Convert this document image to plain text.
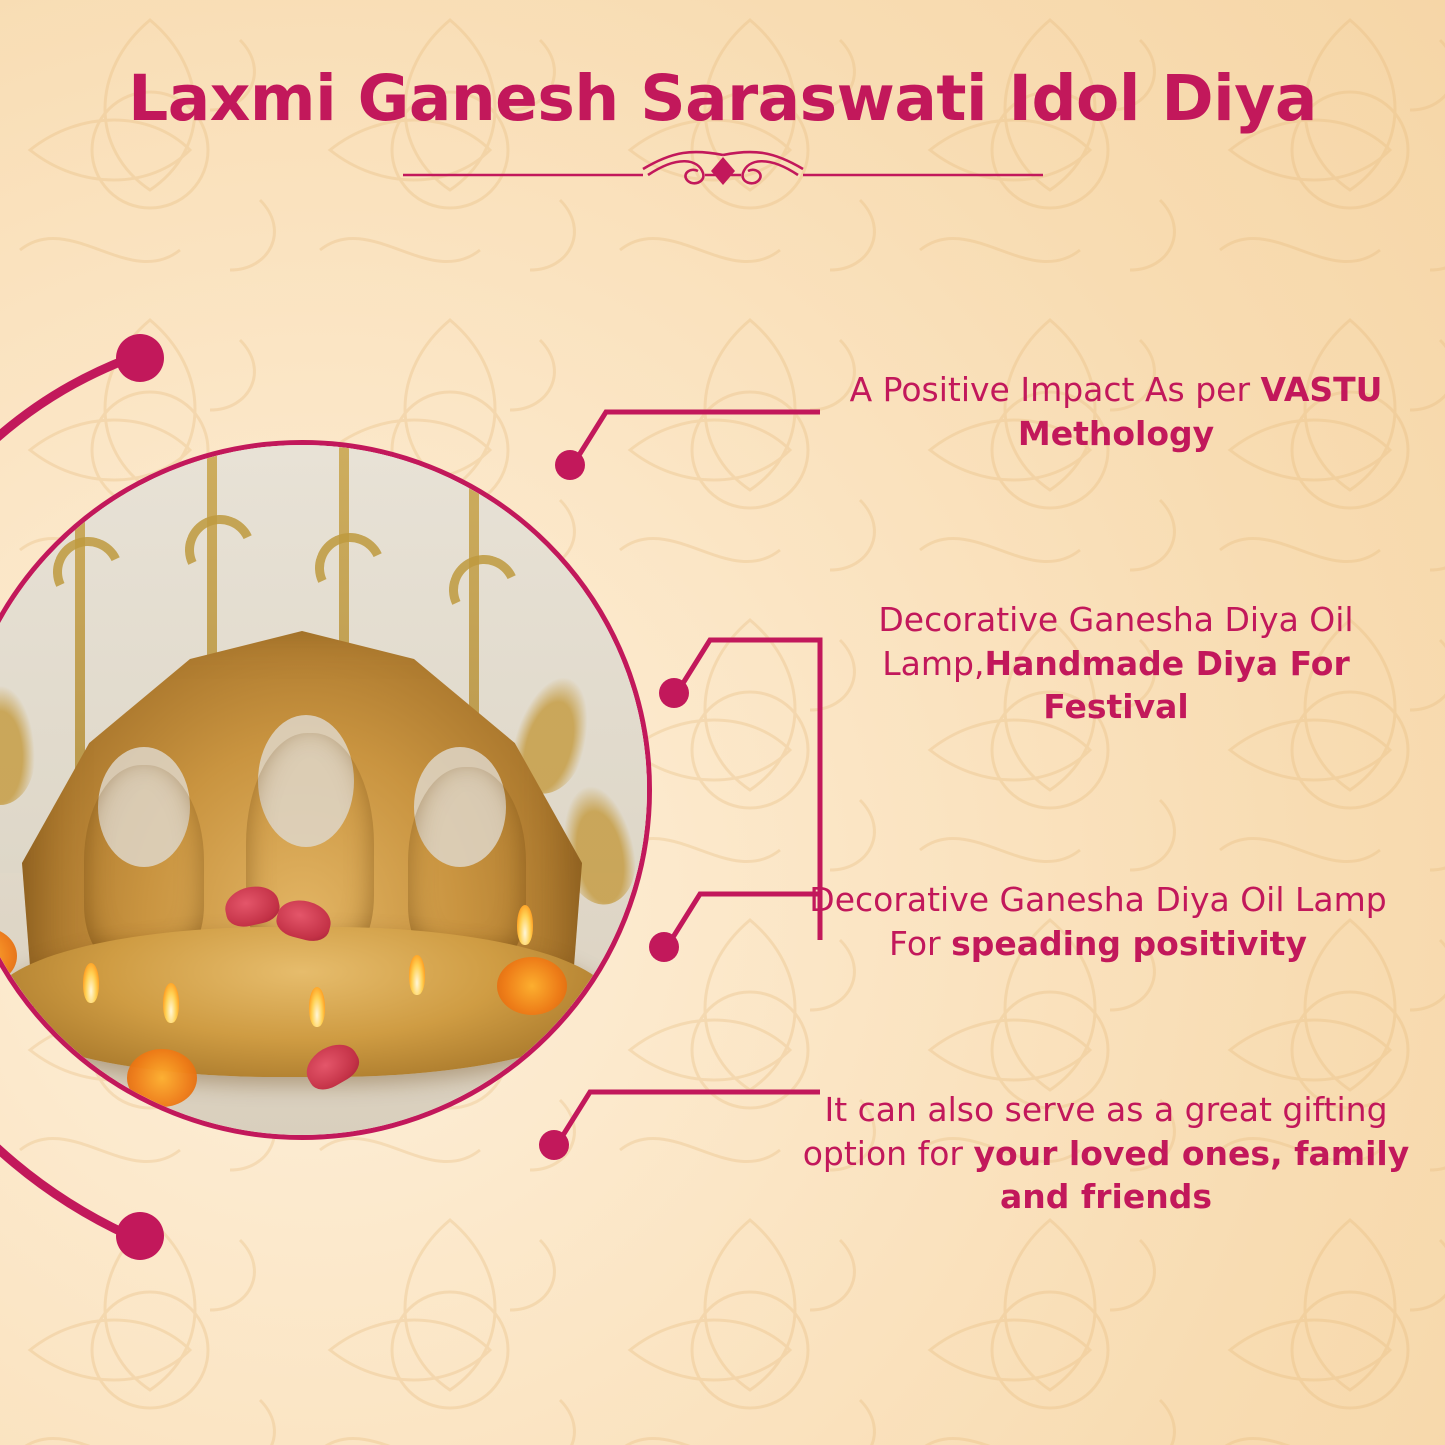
Laxmi Ganesh Saraswati Idol Diya
A Positive Impact As per VASTU Methology
Decorative Ganesha Diya Oil Lamp,Handmade Diya For Festival
Decorative Ganesha Diya Oil Lamp For speading positivity
It can also serve as a great gifting option for your loved ones, family and friends
